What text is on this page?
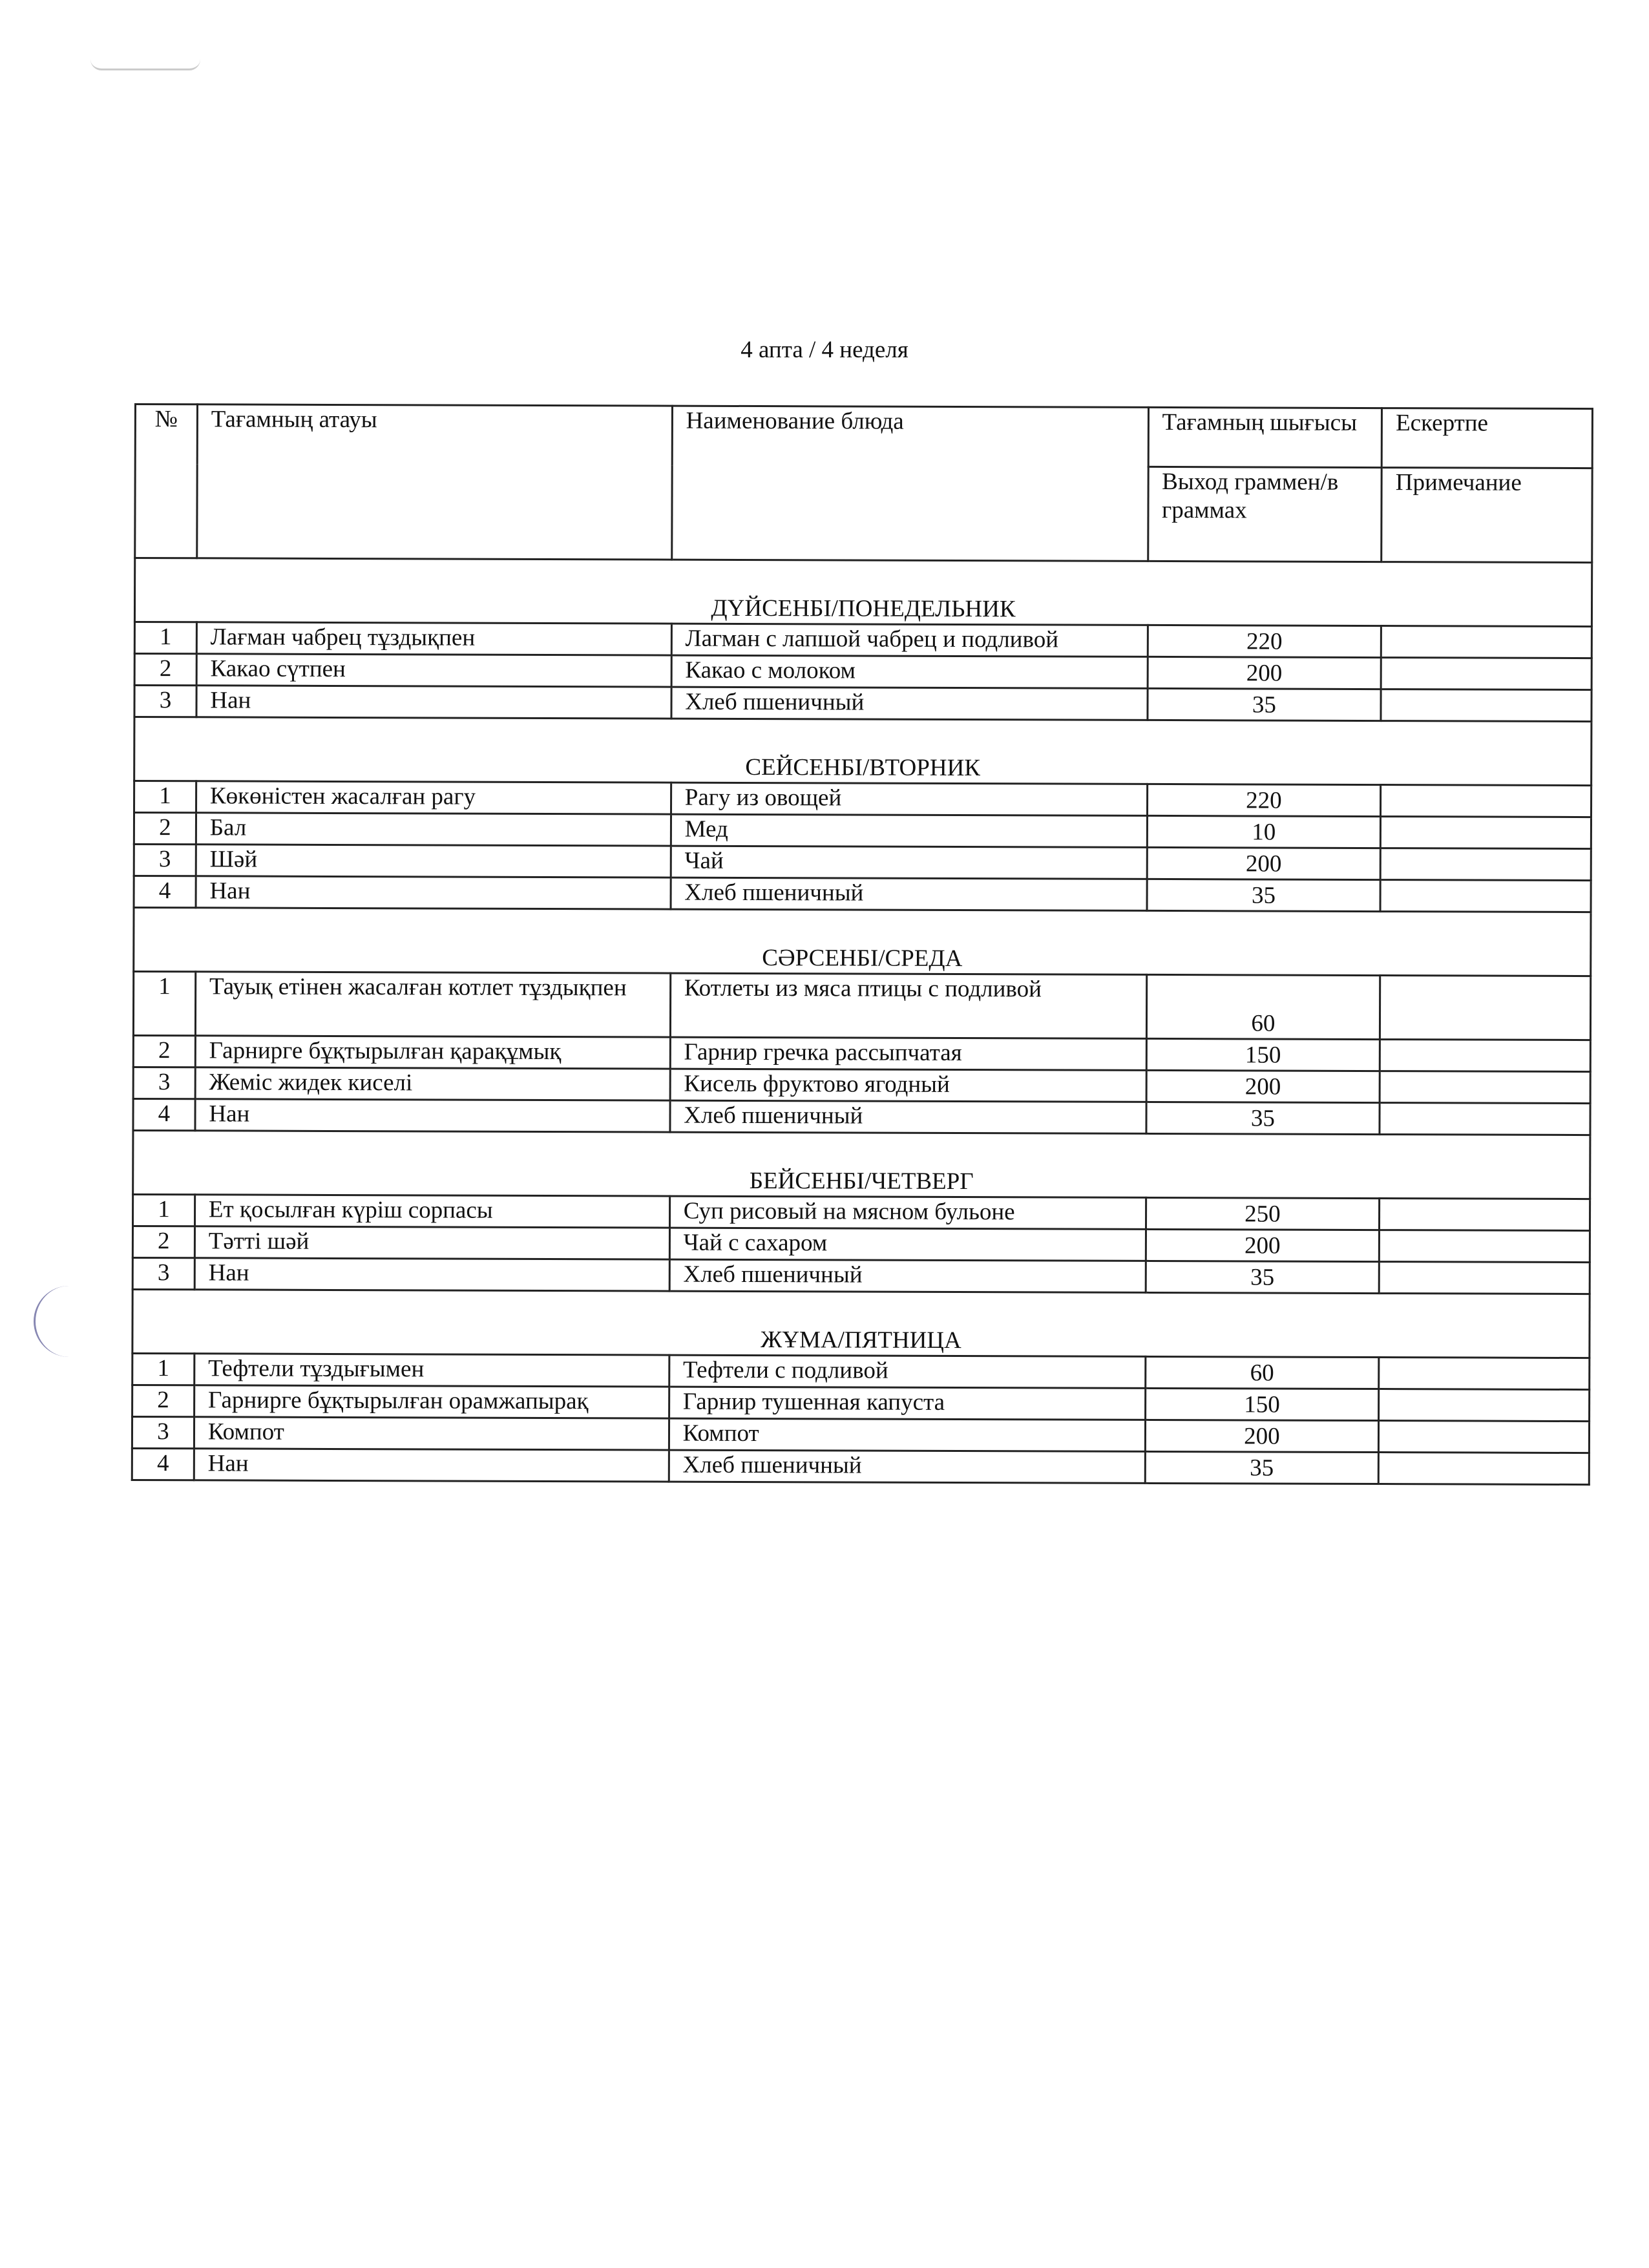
4 апта / 4 неделя
№	Тағамның атауы	Наименование блюда	Тағамның шығысы	Ескертпе
			Выход граммен/в граммах	Примечание
ДҮЙСЕНБІ/ПОНЕДЕЛЬНИК				
1	Лағман чабрец тұздықпен	Лагман с лапшой чабрец и подливой	220	
2	Какао сүтпен	Какао с молоком	200	
3	Нан	Хлеб пшеничный	35	
СЕЙСЕНБІ/ВТОРНИК				
1	Көкөністен жасалған рагу	Рагу из овощей	220	
2	Бал	Мед	10	
3	Шәй	Чай	200	
4	Нан	Хлеб пшеничный	35	
СӘРСЕНБІ/СРЕДА				
1	Тауық етінен жасалған котлет тұздықпен	Котлеты из мяса птицы с подливой	60	
2	Гарнирге бұқтырылған қарақұмық	Гарнир гречка рассыпчатая	150	
3	Жеміс жидек киселі	Кисель фруктово ягодный	200	
4	Нан	Хлеб пшеничный	35	
БЕЙСЕНБІ/ЧЕТВЕРГ				
1	Ет қосылған күріш сорпасы	Суп рисовый на мясном бульоне	250	
2	Тәтті шәй	Чай с сахаром	200	
3	Нан	Хлеб пшеничный	35	
ЖҰМА/ПЯТНИЦА				
1	Тефтели тұздығымен	Тефтели с подливой	60	
2	Гарнирге бұқтырылған орамжапырақ	Гарнир тушенная капуста	150	
3	Компот	Компот	200	
4	Нан	Хлеб пшеничный	35	
